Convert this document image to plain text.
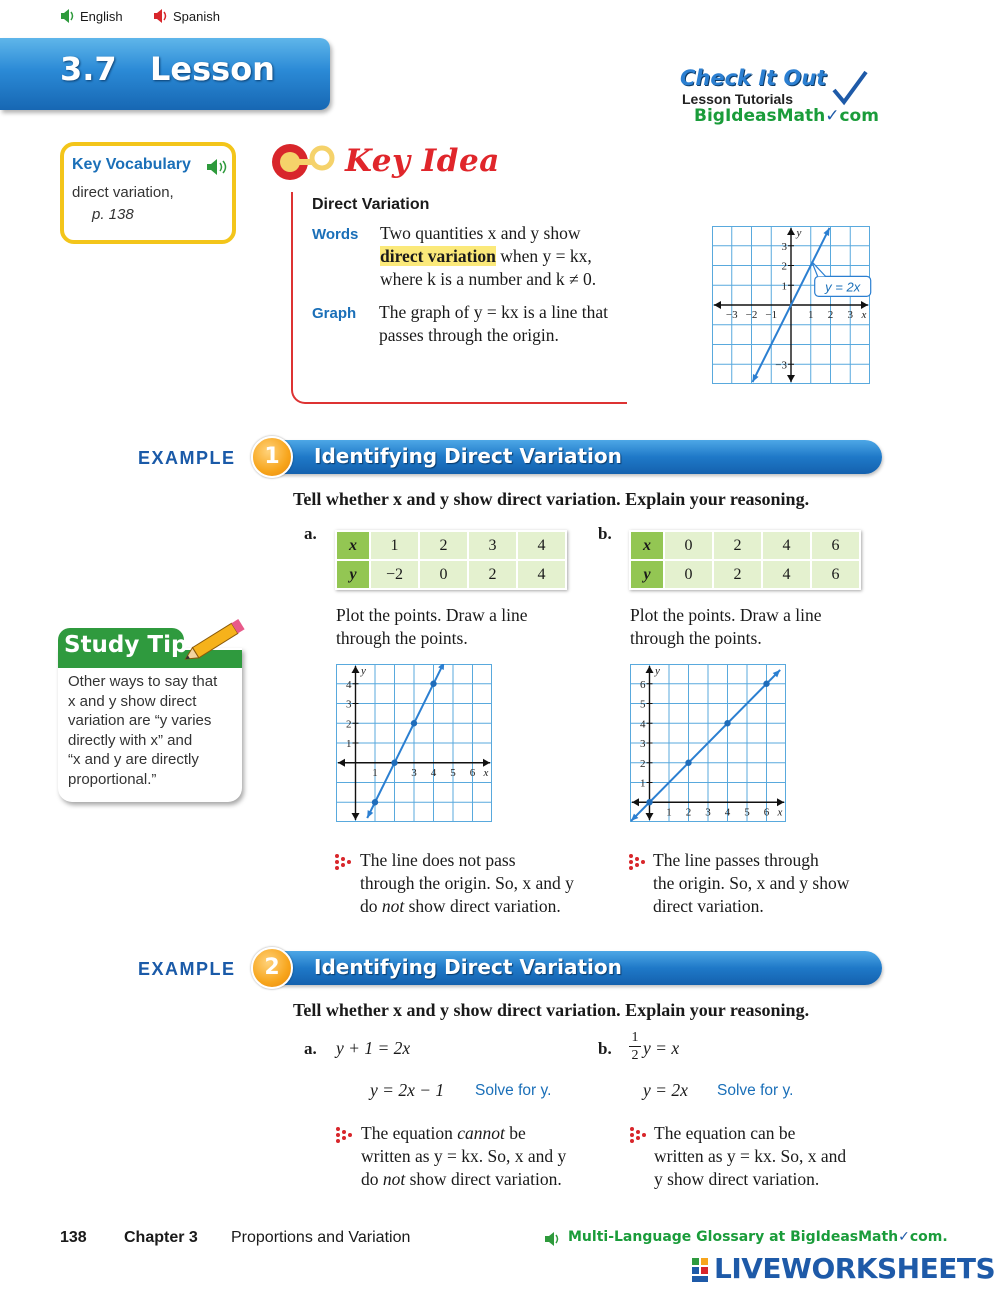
English	Spanish
3.7 Lesson	Check It Out
Lesson Tutorials
BigIdeasMath✓com
Key Vocabulary
direct variation,
p. 138
Key Idea
Direct Variation
Words Two quantities x and y show
direct variation when y = kx,
where k is a number and k ≠ 0.
Graph The graph of y = kx is a line that
passes through the origin.
−3 −2 −1	1 2 3
3
2
1
−3
x
y
y = 2x
EXAMPLE	Identifying Direct Variation
1
Tell whether x and y show direct variation. Explain your reasoning.
a.
x	1	2	3	4
y	−2	0	2	4
b.
x	0	2	4	6
y	0	2	4	6
Plot the points. Draw a line
through the points.
Plot the points. Draw a line
through the points.
1	3 4 5 6
4
3
2
1
x
y
1 2 3 4 5 6
6
5
4
3
2
1
x
y
Study Tip
Other ways to say that
x and y show direct
variation are “y varies
directly with x” and
“x and y are directly
proportional.”
The line does not pass
through the origin. So, x and y
do not show direct variation.
The line passes through
the origin. So, x and y show
direct variation.
EXAMPLE	Identifying Direct Variation
2
Tell whether x and y show direct variation. Explain your reasoning.
a. y + 1 = 2x
y = 2x − 1 Solve for y.
b.
1
2 y = x
y = 2x Solve for y.
The equation cannot be
written as y = kx. So, x and y
do not show direct variation.
The equation can be
written as y = kx. So, x and
y show direct variation.
138 Chapter 3 Proportions and Variation	Multi-Language Glossary at BigIdeasMath✓com.
LIVEWORKSHEETS
